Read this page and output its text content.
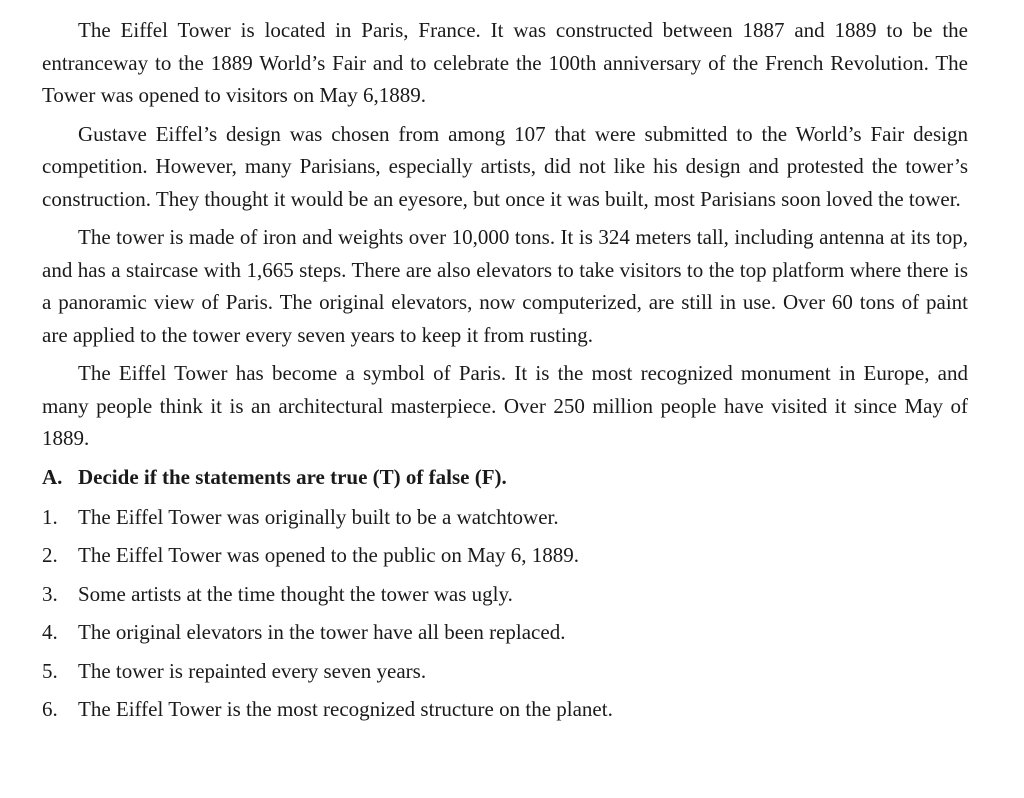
The Eiffel Tower is located in Paris, France. It was constructed between 1887 and 1889 to be the entranceway to the 1889 World’s Fair and to celebrate the 100th anniversary of the French Revolution. The Tower was opened to visitors on May 6,1889.

Gustave Eiffel’s design was chosen from among 107 that were submitted to the World’s Fair design competition. However, many Parisians, especially artists, did not like his design and protested the tower’s construction. They thought it would be an eyesore, but once it was built, most Parisians soon loved the tower.

The tower is made of iron and weights over 10,000 tons. It is 324 meters tall, including antenna at its top, and has a staircase with 1,665 steps. There are also elevators to take visitors to the top platform where there is a panoramic view of Paris. The original elevators, now computerized, are still in use. Over 60 tons of paint are applied to the tower every seven years to keep it from rusting.

The Eiffel Tower has become a symbol of Paris. It is the most recognized monument in Europe, and many people think it is an architectural masterpiece. Over 250 million people have visited it since May of 1889.

A. Decide if the statements are true (T) of false (F).
1. The Eiffel Tower was originally built to be a watchtower.
2. The Eiffel Tower was opened to the public on May 6, 1889.
3. Some artists at the time thought the tower was ugly.
4. The original elevators in the tower have all been replaced.
5. The tower is repainted every seven years.
6. The Eiffel Tower is the most recognized structure on the planet.
